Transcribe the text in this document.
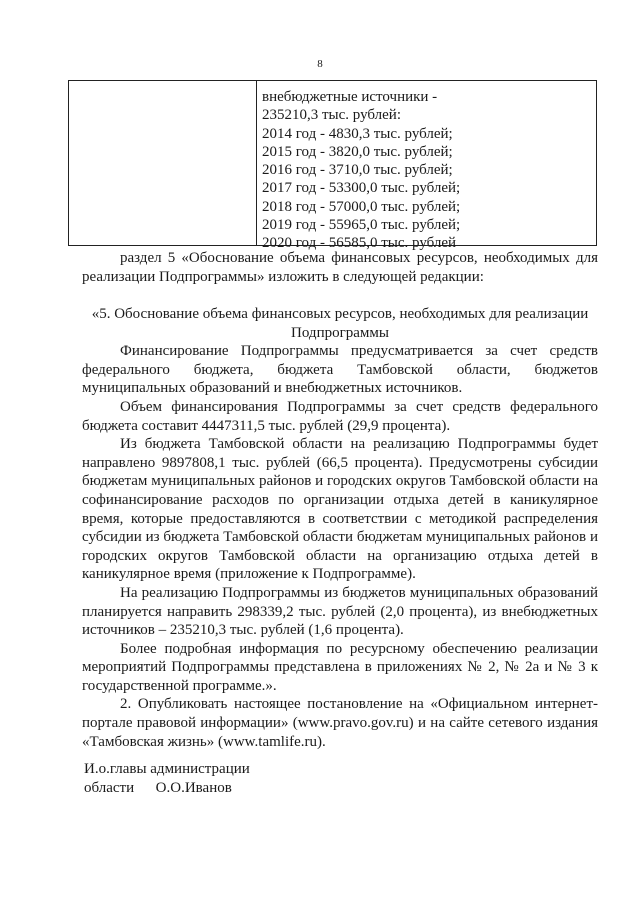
8
внебюджетные источники -
235210,3 тыс. рублей:
2014 год - 4830,3 тыс. рублей;
2015 год - 3820,0 тыс. рублей;
2016 год - 3710,0 тыс. рублей;
2017 год - 53300,0 тыс. рублей;
2018 год - 57000,0 тыс. рублей;
2019 год - 55965,0 тыс. рублей;
2020 год - 56585,0 тыс. рублей

раздел 5 «Обоснование объема финансовых ресурсов, необходимых для реализации Подпрограммы» изложить в следующей редакции:

«5. Обоснование объема финансовых ресурсов, необходимых для реализации Подпрограммы

Финансирование Подпрограммы предусматривается за счет средств федерального бюджета, бюджета Тамбовской области, бюджетов муниципальных образований и внебюджетных источников.

Объем финансирования Подпрограммы за счет средств федерального бюджета составит 4447311,5 тыс. рублей (29,9 процента).

Из бюджета Тамбовской области на реализацию Подпрограммы будет направлено 9897808,1 тыс. рублей (66,5 процента). Предусмотрены субсидии бюджетам муниципальных районов и городских округов Тамбовской области на софинансирование расходов по организации отдыха детей в каникулярное время, которые предоставляются в соответствии с методикой распределения субсидии из бюджета Тамбовской области бюджетам муниципальных районов и городских округов Тамбовской области на организацию отдыха детей в каникулярное время (приложение к Подпрограмме).

На реализацию Подпрограммы из бюджетов муниципальных образований планируется направить 298339,2 тыс. рублей (2,0 процента), из внебюджетных источников – 235210,3 тыс. рублей (1,6 процента).

Более подробная информация по ресурсному обеспечению реализации мероприятий Подпрограммы представлена в приложениях № 2, № 2а и № 3 к государственной программе.».

2. Опубликовать настоящее постановление на «Официальном интернет-портале правовой информации» (www.pravo.gov.ru) и на сайте сетевого издания «Тамбовская жизнь» (www.tamlife.ru).

И.о.главы администрации
области О.О.Иванов
